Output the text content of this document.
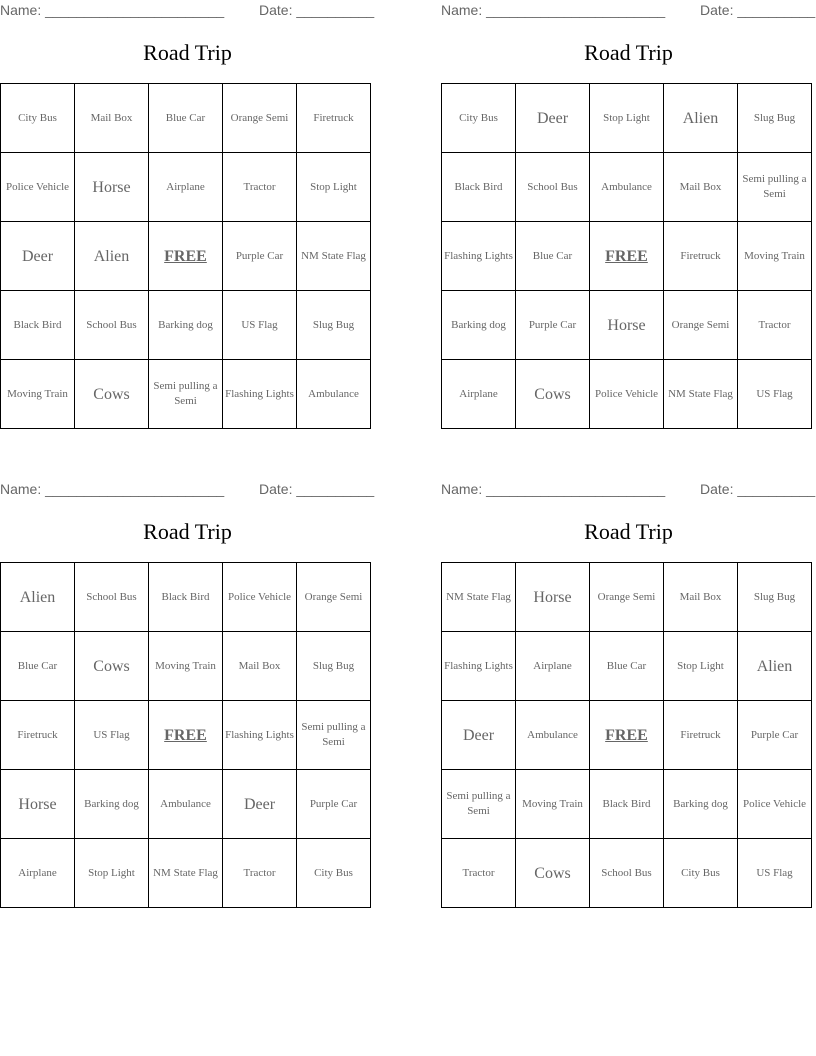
Name: _______________________ Date: __________
Road Trip
City Bus	Mail Box	Blue Car	Orange Semi	Firetruck
Police Vehicle	Horse	Airplane	Tractor	Stop Light
Deer	Alien	FREE	Purple Car	NM State Flag
Black Bird	School Bus	Barking dog	US Flag	Slug Bug
Moving Train	Cows	Semi pulling a Semi	Flashing Lights	Ambulance
Name: _______________________ Date: __________
Road Trip
City Bus	Deer	Stop Light	Alien	Slug Bug
Black Bird	School Bus	Ambulance	Mail Box	Semi pulling a Semi
Flashing Lights	Blue Car	FREE	Firetruck	Moving Train
Barking dog	Purple Car	Horse	Orange Semi	Tractor
Airplane	Cows	Police Vehicle	NM State Flag	US Flag
Name: _______________________ Date: __________
Road Trip
Alien	School Bus	Black Bird	Police Vehicle	Orange Semi
Blue Car	Cows	Moving Train	Mail Box	Slug Bug
Firetruck	US Flag	FREE	Flashing Lights	Semi pulling a Semi
Horse	Barking dog	Ambulance	Deer	Purple Car
Airplane	Stop Light	NM State Flag	Tractor	City Bus
Name: _______________________ Date: __________
Road Trip
NM State Flag	Horse	Orange Semi	Mail Box	Slug Bug
Flashing Lights	Airplane	Blue Car	Stop Light	Alien
Deer	Ambulance	FREE	Firetruck	Purple Car
Semi pulling a Semi	Moving Train	Black Bird	Barking dog	Police Vehicle
Tractor	Cows	School Bus	City Bus	US Flag
